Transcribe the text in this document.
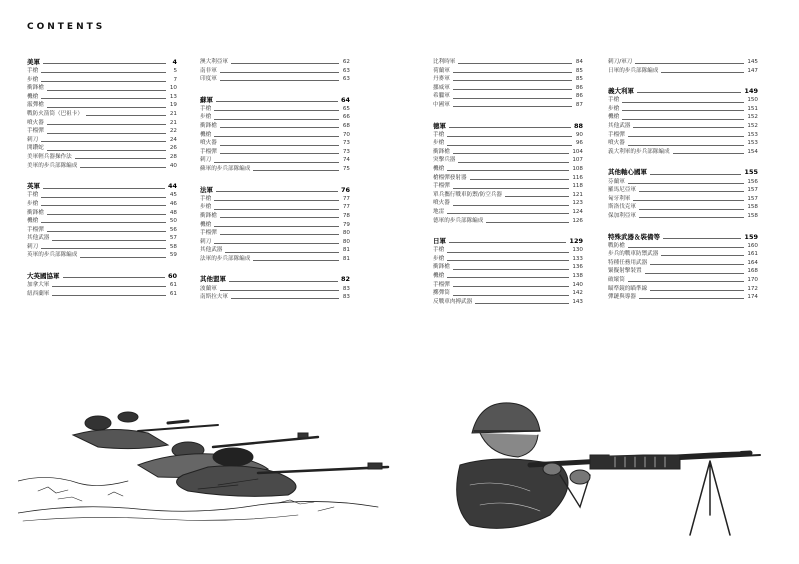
CONTENTS
美軍	4
手槍	5
步槍	7
衝鋒槍	10
機槍	13
霰彈槍	19
戰防火箭筒（巴祖卡）	21
噴火器	21
手榴彈	22
刺刀	24
開鑽蛇	26
美軍輕兵器操作法	28
美軍的步兵部隊編成	40
英軍	44
手槍	45
步槍	46
衝鋒槍	48
機槍	50
手榴彈	56
其他武器	57
刺刀	58
英軍的步兵部隊編成	59
大英國協軍	60
加拿大軍	61
紐西蘭軍	61
澳大利亞軍	62
南非軍	63
印度軍	63
蘇軍	64
手槍	65
步槍	66
衝鋒槍	68
機槍	70
噴火器	73
手榴彈	73
刺刀	74
蘇軍的步兵部隊編成	75
法軍	76
手槍	77
步槍	77
衝鋒槍	78
機槍	79
手榴彈	80
刺刀	80
其他武器	81
法軍的步兵部隊編成	81
其他盟軍	82
波蘭軍	83
南斯拉夫軍	83
比利時軍	84
荷蘭軍	85
丹麥軍	85
挪威軍	86
希臘軍	86
中國軍	87
德軍	88
手槍	90
步槍	96
衝鋒槍	104
突擊兵器	107
機槍	108
槍榴彈發射器	116
手榴彈	118
單兵攜行戰車防禦/防空兵器	121
噴火器	123
地雷	124
德軍的步兵部隊編成	126
日軍	129
手槍	130
步槍	133
衝鋒槍	136
機槍	138
手榴彈	140
擲彈筒	142
反戰車肉搏武器	143
刺刀/軍刀	145
日軍的步兵部隊編成	147
義大利軍	149
手槍	150
步槍	151
機槍	152
其他武器	152
手榴彈	153
噴火器	153
義大利軍的步兵部隊編成	154
其他軸心國軍	155
芬蘭軍	156
羅馬尼亞軍	157
匈牙利軍	157
斯洛伐克軍	158
保加利亞軍	158
特殊武器＆裝備等	159
戰防槍	160
步兵的戰車防禦武器	161
特種任務用武器	164
緊擬射擊裝置	168
破壞筒	170
瞄準鏡的瞄準線	172
彈鏈與導器	174
